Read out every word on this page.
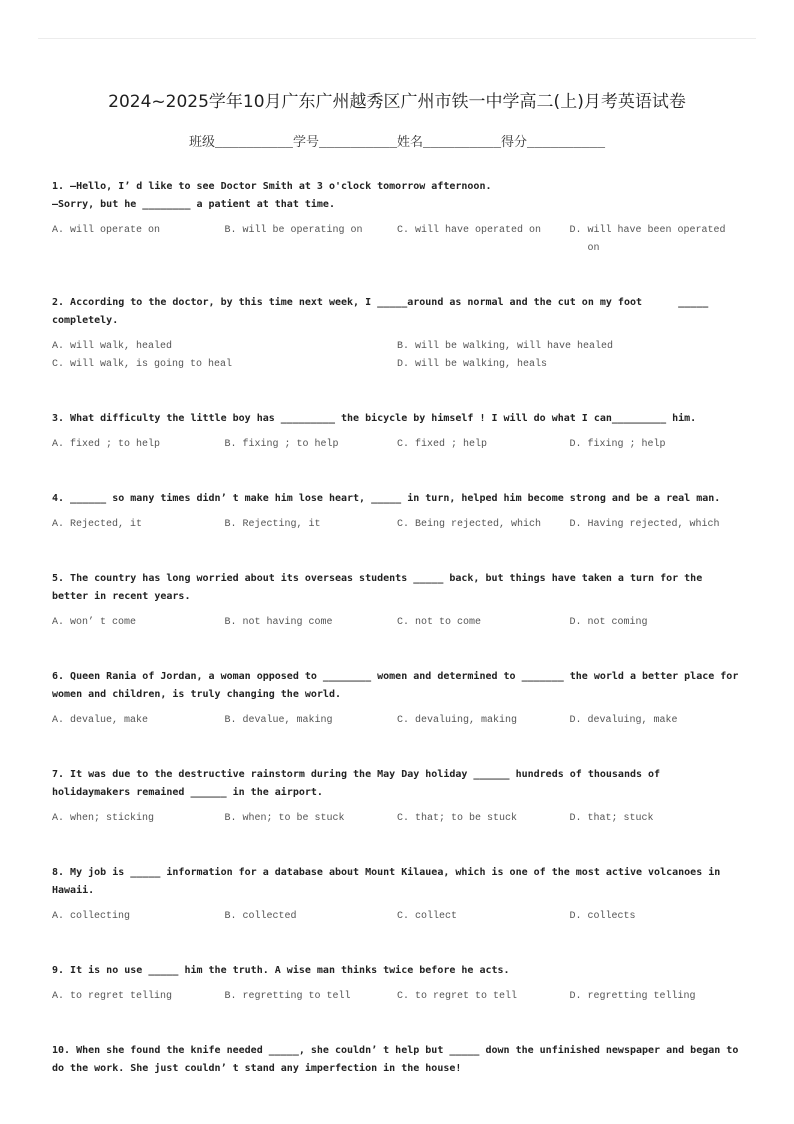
2024~2025学年10月广东广州越秀区广州市铁一中学高二(上)月考英语试卷
班级__________学号__________姓名__________得分__________
1. —Hello, I’ d like to see Doctor Smith at 3 o'clock tomorrow afternoon.
—Sorry, but he ________ a patient at that time.
A. will operate on	B. will be operating on	C. will have operated on	D. will have been operated on
2. According to the doctor, by this time next week, I _____around as normal and the cut on my foot      _____
completely.
A. will walk, healed	B. will be walking, will have healed
C. will walk, is going to heal	D. will be walking, heals
3. What difficulty the little boy has _________ the bicycle by himself ! I will do what I can_________ him.
A. fixed ; to help	B. fixing ; to help	C. fixed ; help	D. fixing ; help
4. ______ so many times didn’ t make him lose heart, _____ in turn, helped him become strong and be a real man.
A. Rejected, it	B. Rejecting, it	C. Being rejected, which	D. Having rejected, which
5. The country has long worried about its overseas students _____ back, but things have taken a turn for the
better in recent years.
A. won’ t come	B. not having come	C. not to come	D. not coming
6. Queen Rania of Jordan, a woman opposed to ________ women and determined to _______ the world a better place for
women and children, is truly changing the world.
A. devalue, make	B. devalue, making	C. devaluing, making	D. devaluing, make
7. It was due to the destructive rainstorm during the May Day holiday ______ hundreds of thousands of
holidaymakers remained ______ in the airport.
A. when; sticking	B. when; to be stuck	C. that; to be stuck	D. that; stuck
8. My job is _____ information for a database about Mount Kilauea, which is one of the most active volcanoes in
Hawaii.
A. collecting	B. collected	C. collect	D. collects
9. It is no use _____ him the truth. A wise man thinks twice before he acts.
A. to regret telling	B. regretting to tell	C. to regret to tell	D. regretting telling
10. When she found the knife needed _____, she couldn’ t help but _____ down the unfinished newspaper and began to
do the work. She just couldn’ t stand any imperfection in the house!
